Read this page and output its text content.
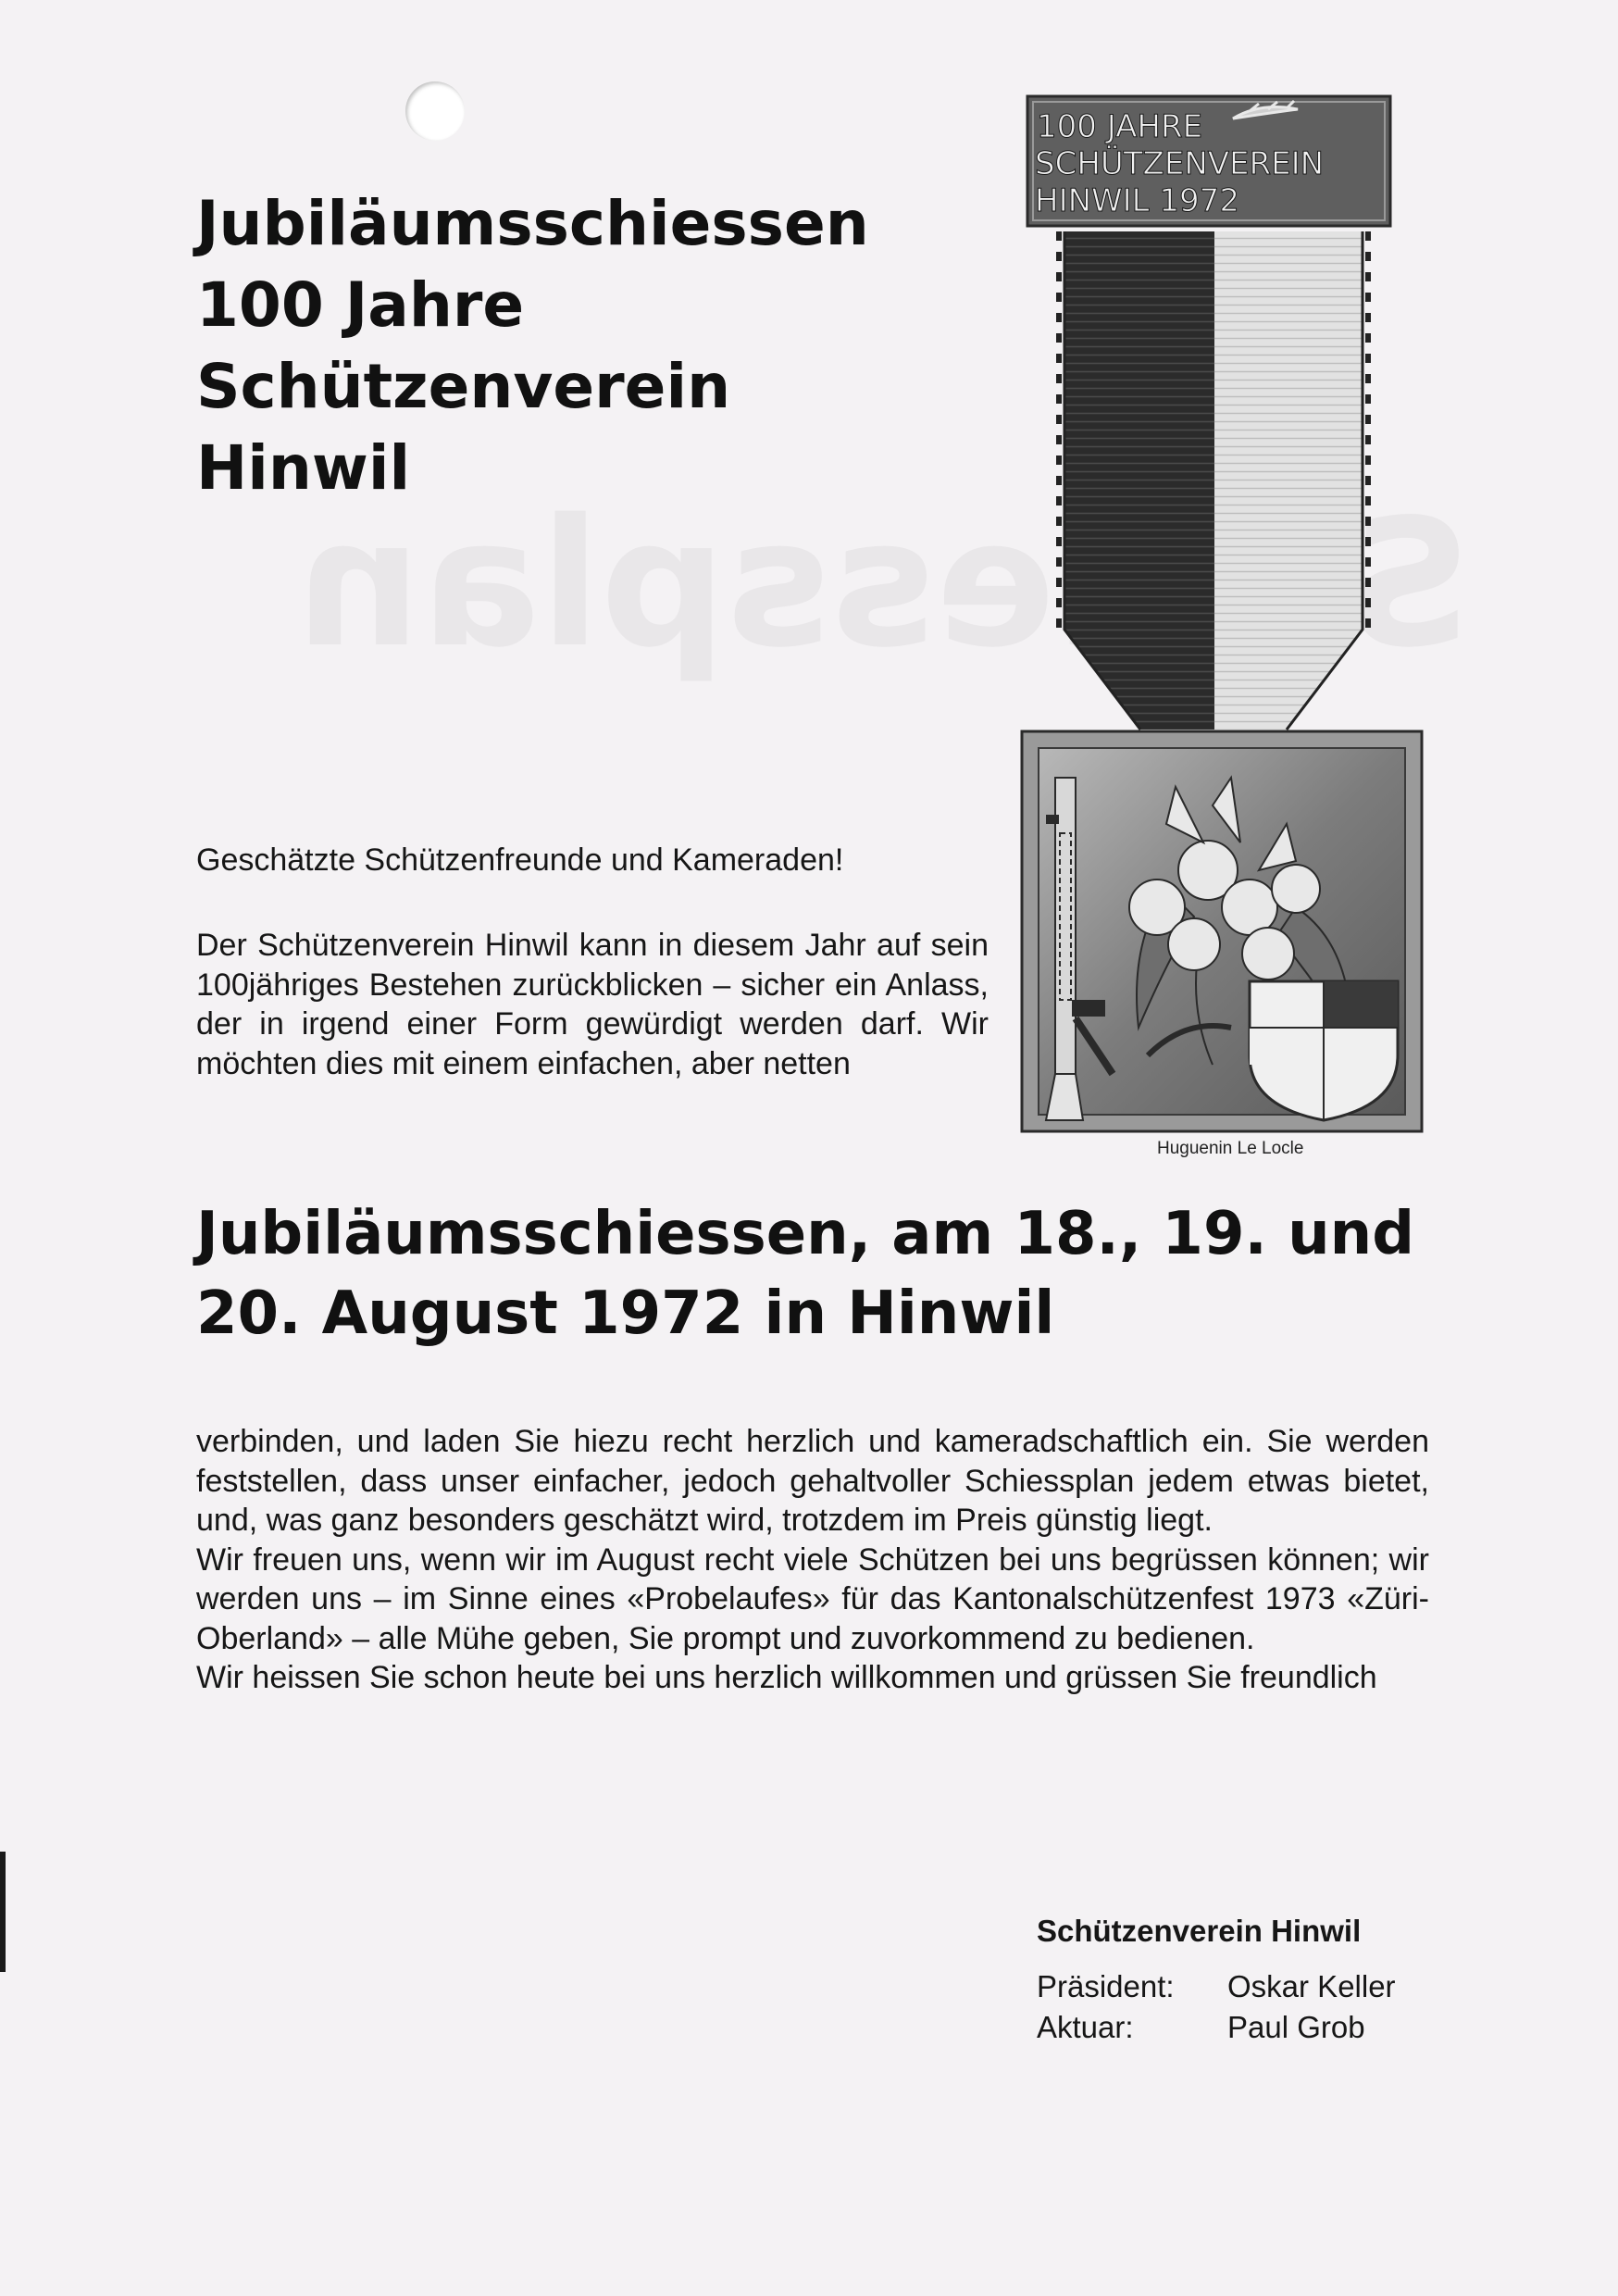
Jubiläumsschiessen
100 Jahre
Schützenverein
Hinwil
100 JAHRE
SCHÜTZENVEREIN
HINWIL 1972
Huguenin Le Locle
Geschätzte Schützenfreunde und Kameraden!

Der Schützenverein Hinwil kann in diesem Jahr auf sein 100jähriges Bestehen zurückblicken – sicher ein Anlass, der in irgend einer Form gewürdigt werden darf. Wir möchten dies mit einem einfachen, aber netten

Jubiläumsschiessen, am 18., 19. und
20. August 1972 in Hinwil

verbinden, und laden Sie hiezu recht herzlich und kameradschaftlich ein. Sie werden feststellen, dass unser einfacher, jedoch gehaltvoller Schiessplan jedem etwas bietet, und, was ganz besonders geschätzt wird, trotzdem im Preis günstig liegt.

Wir freuen uns, wenn wir im August recht viele Schützen bei uns begrüssen können; wir werden uns – im Sinne eines «Probelaufes» für das Kantonalschützenfest 1973 «Züri-Oberland» – alle Mühe geben, Sie prompt und zuvorkommend zu bedienen.

Wir heissen Sie schon heute bei uns herzlich willkommen und grüssen Sie freundlich

Schützenverein Hinwil
Präsident:	Oskar Keller
Aktuar:	Paul Grob
